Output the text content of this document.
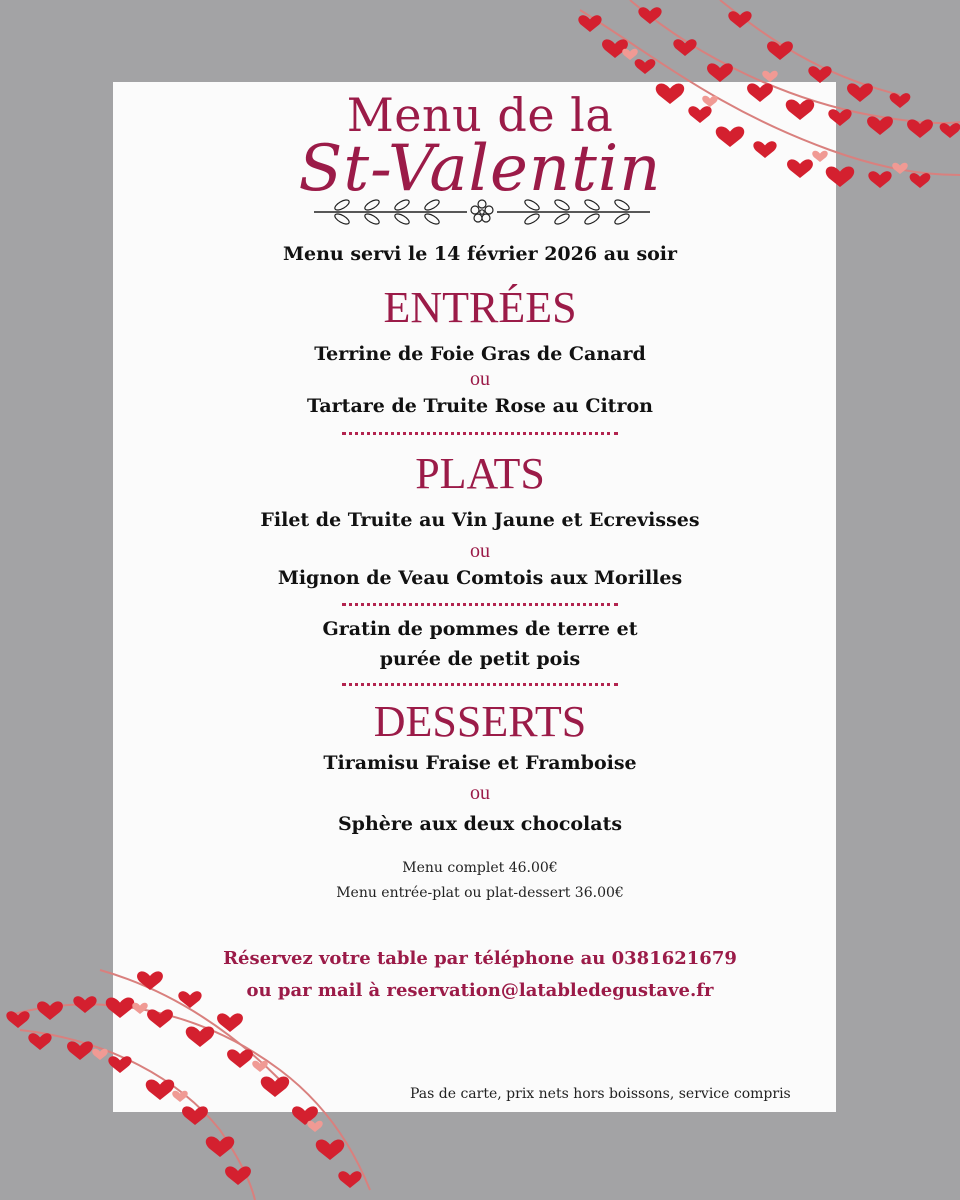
Menu de la
St-Valentin
Menu servi le 14 février 2026 au soir
ENTRÉES
Terrine de Foie Gras de Canard
ou
Tartare de Truite Rose au Citron
PLATS
Filet de Truite au Vin Jaune et Ecrevisses
ou
Mignon de Veau Comtois aux Morilles
Gratin de pommes de terre et
purée de petit pois
DESSERTS
Tiramisu Fraise et Framboise
ou
Sphère aux deux chocolats
Menu complet 46.00€
Menu entrée-plat ou plat-dessert 36.00€
Réservez votre table par téléphone au 0381621679
ou par mail à reservation@latabledegustave.fr
Pas de carte, prix nets hors boissons, service compris
